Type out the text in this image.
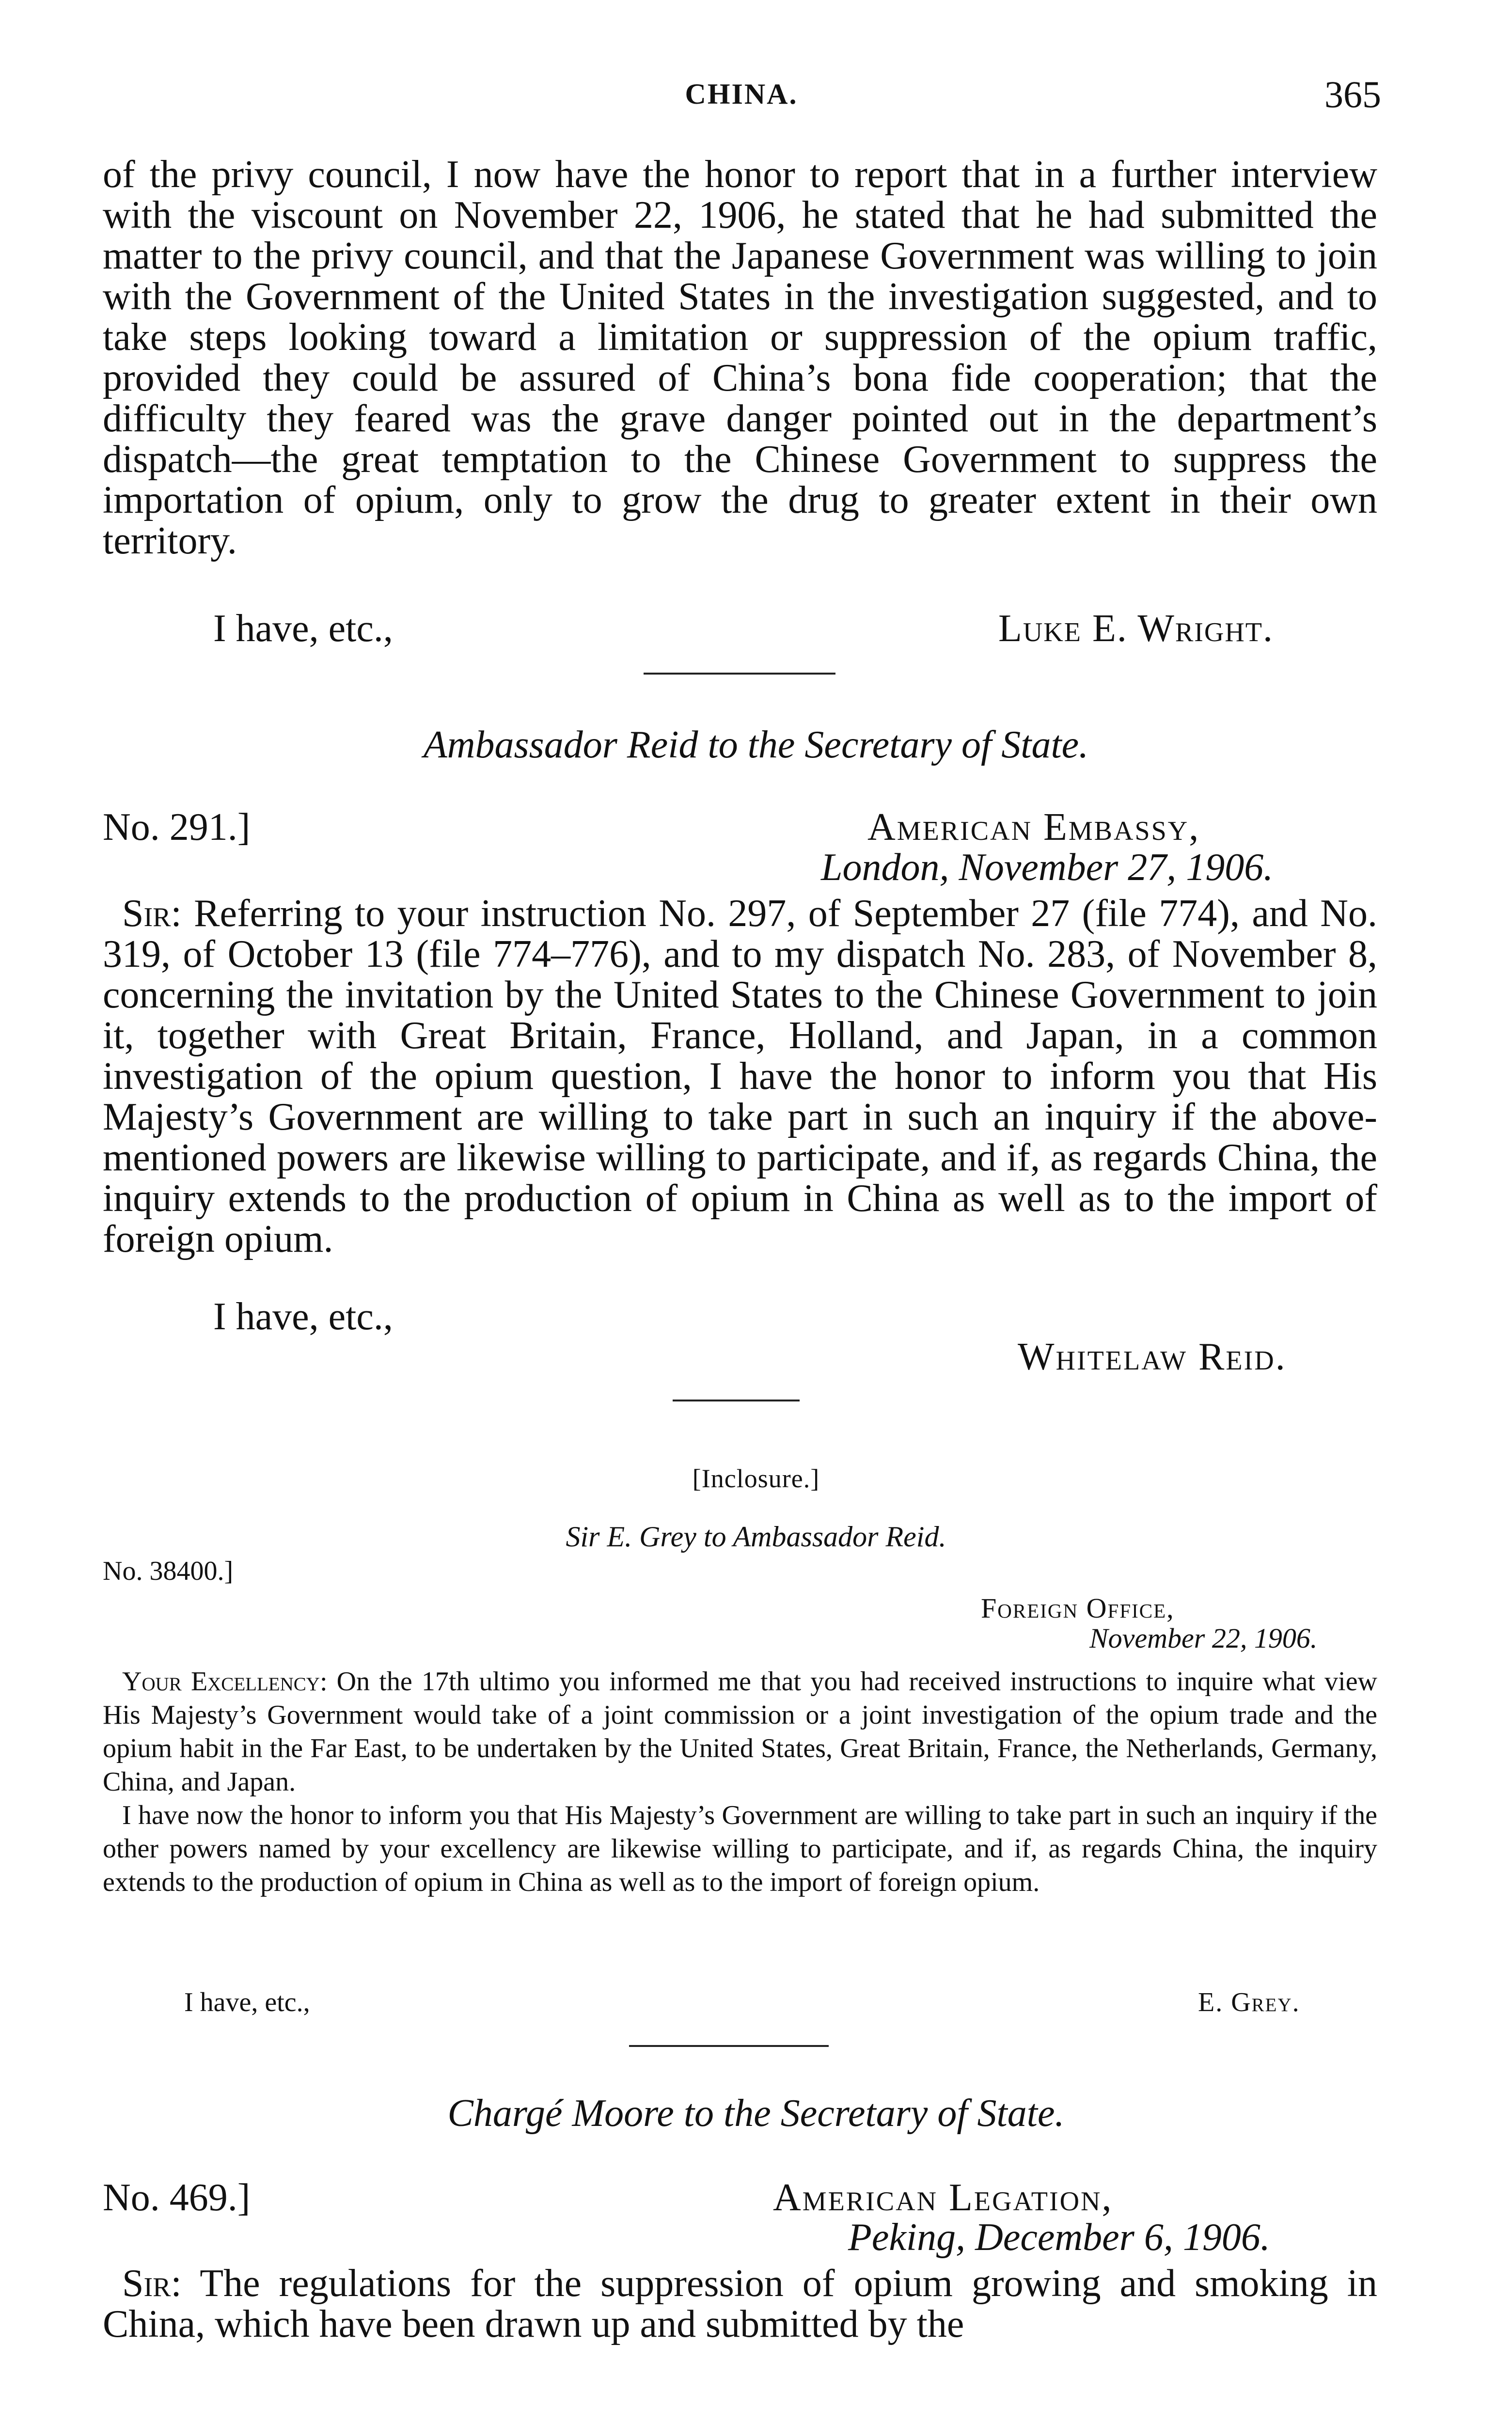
CHINA.	365

of the privy council, I now have the honor to report that in a further interview with the viscount on November 22, 1906, he stated that he had submitted the matter to the privy council, and that the Japanese Government was willing to join with the Government of the United States in the investigation suggested, and to take steps looking toward a limitation or suppression of the opium traffic, provided they could be assured of China’s bona fide cooperation; that the difficulty they feared was the grave danger pointed out in the department’s dispatch—the great temptation to the Chinese Government to suppress the importation of opium, only to grow the drug to greater extent in their own territory.

I have, etc.,	Luke E. Wright.
Ambassador Reid to the Secretary of State.
No. 291.]	American Embassy,
London, November 27, 1906.

Sir: Referring to your instruction No. 297, of September 27 (file 774), and No. 319, of October 13 (file 774–776), and to my dispatch No. 283, of November 8, concerning the invitation by the United States to the Chinese Government to join it, together with Great Britain, France, Holland, and Japan, in a common investigation of the opium question, I have the honor to inform you that His Majesty’s Government are willing to take part in such an inquiry if the above-mentioned powers are likewise willing to participate, and if, as regards China, the inquiry extends to the production of opium in China as well as to the import of foreign opium.

I have, etc.,
Whitelaw Reid.
[Inclosure.]
Sir E. Grey to Ambassador Reid.
No. 38400.]
Foreign Office,
November 22, 1906.

Your Excellency: On the 17th ultimo you informed me that you had received instructions to inquire what view His Majesty’s Government would take of a joint commission or a joint investigation of the opium trade and the opium habit in the Far East, to be undertaken by the United States, Great Britain, France, the Netherlands, Germany, China, and Japan.

I have now the honor to inform you that His Majesty’s Government are willing to take part in such an inquiry if the other powers named by your excellency are likewise willing to participate, and if, as regards China, the inquiry extends to the production of opium in China as well as to the import of foreign opium.

I have, etc.,	E. Grey.
Chargé Moore to the Secretary of State.
No. 469.]	American Legation,
Peking, December 6, 1906.

Sir: The regulations for the suppression of opium growing and smoking in China, which have been drawn up and submitted by the
